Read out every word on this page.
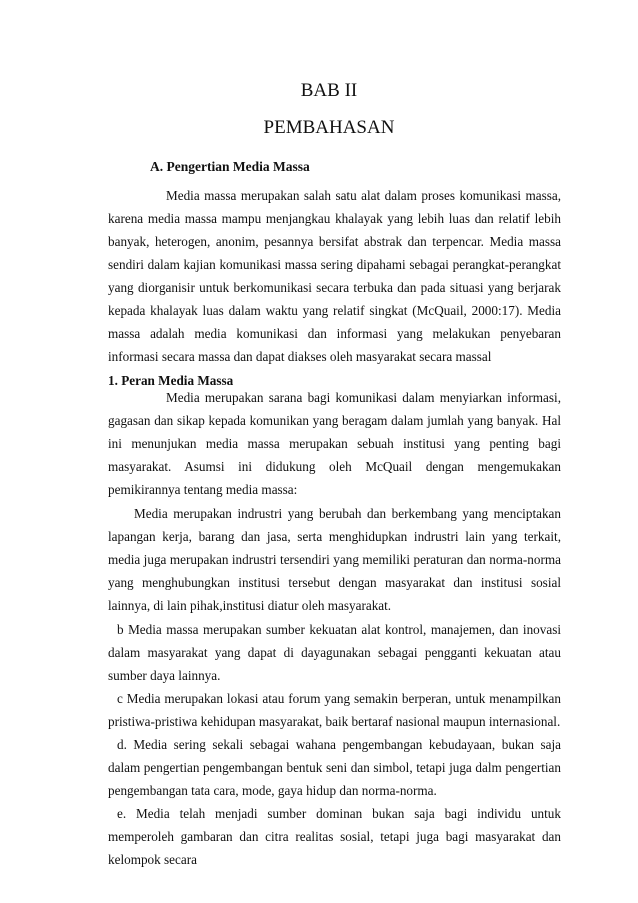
BAB II
PEMBAHASAN
A. Pengertian Media Massa

Media massa merupakan salah satu alat dalam proses komunikasi massa, karena media massa mampu menjangkau khalayak yang lebih luas dan relatif lebih banyak, heterogen, anonim, pesannya bersifat abstrak dan terpencar. Media massa sendiri dalam kajian komunikasi massa sering dipahami sebagai perangkat-perangkat yang diorganisir untuk berkomunikasi secara terbuka dan pada situasi yang berjarak kepada khalayak luas dalam waktu yang relatif singkat (McQuail, 2000:17). Media massa adalah media komunikasi dan informasi yang melakukan penyebaran informasi secara massa dan dapat diakses oleh masyarakat secara massal

1. Peran Media Massa

Media merupakan sarana bagi komunikasi dalam menyiarkan informasi, gagasan dan sikap kepada komunikan yang beragam dalam jumlah yang banyak. Hal ini menunjukan media massa merupakan sebuah institusi yang penting bagi masyarakat. Asumsi ini didukung oleh McQuail dengan mengemukakan pemikirannya tentang media massa:

Media merupakan indrustri yang berubah dan berkembang yang menciptakan lapangan kerja, barang dan jasa, serta menghidupkan indrustri lain yang terkait, media juga merupakan indrustri tersendiri yang memiliki peraturan dan norma-norma yang menghubungkan institusi tersebut dengan masyarakat dan institusi sosial lainnya, di lain pihak,institusi diatur oleh masyarakat.

b Media massa merupakan sumber kekuatan alat kontrol, manajemen, dan inovasi dalam masyarakat yang dapat di dayagunakan sebagai pengganti kekuatan atau sumber daya lainnya.

c Media merupakan lokasi atau forum yang semakin berperan, untuk menampilkan pristiwa-pristiwa kehidupan masyarakat, baik bertaraf nasional maupun internasional.

d. Media sering sekali sebagai wahana pengembangan kebudayaan, bukan saja dalam pengertian pengembangan bentuk seni dan simbol, tetapi juga dalm pengertian pengembangan tata cara, mode, gaya hidup dan norma-norma.

e. Media telah menjadi sumber dominan bukan saja bagi individu untuk memperoleh gambaran dan citra realitas sosial, tetapi juga bagi masyarakat dan kelompok secara
